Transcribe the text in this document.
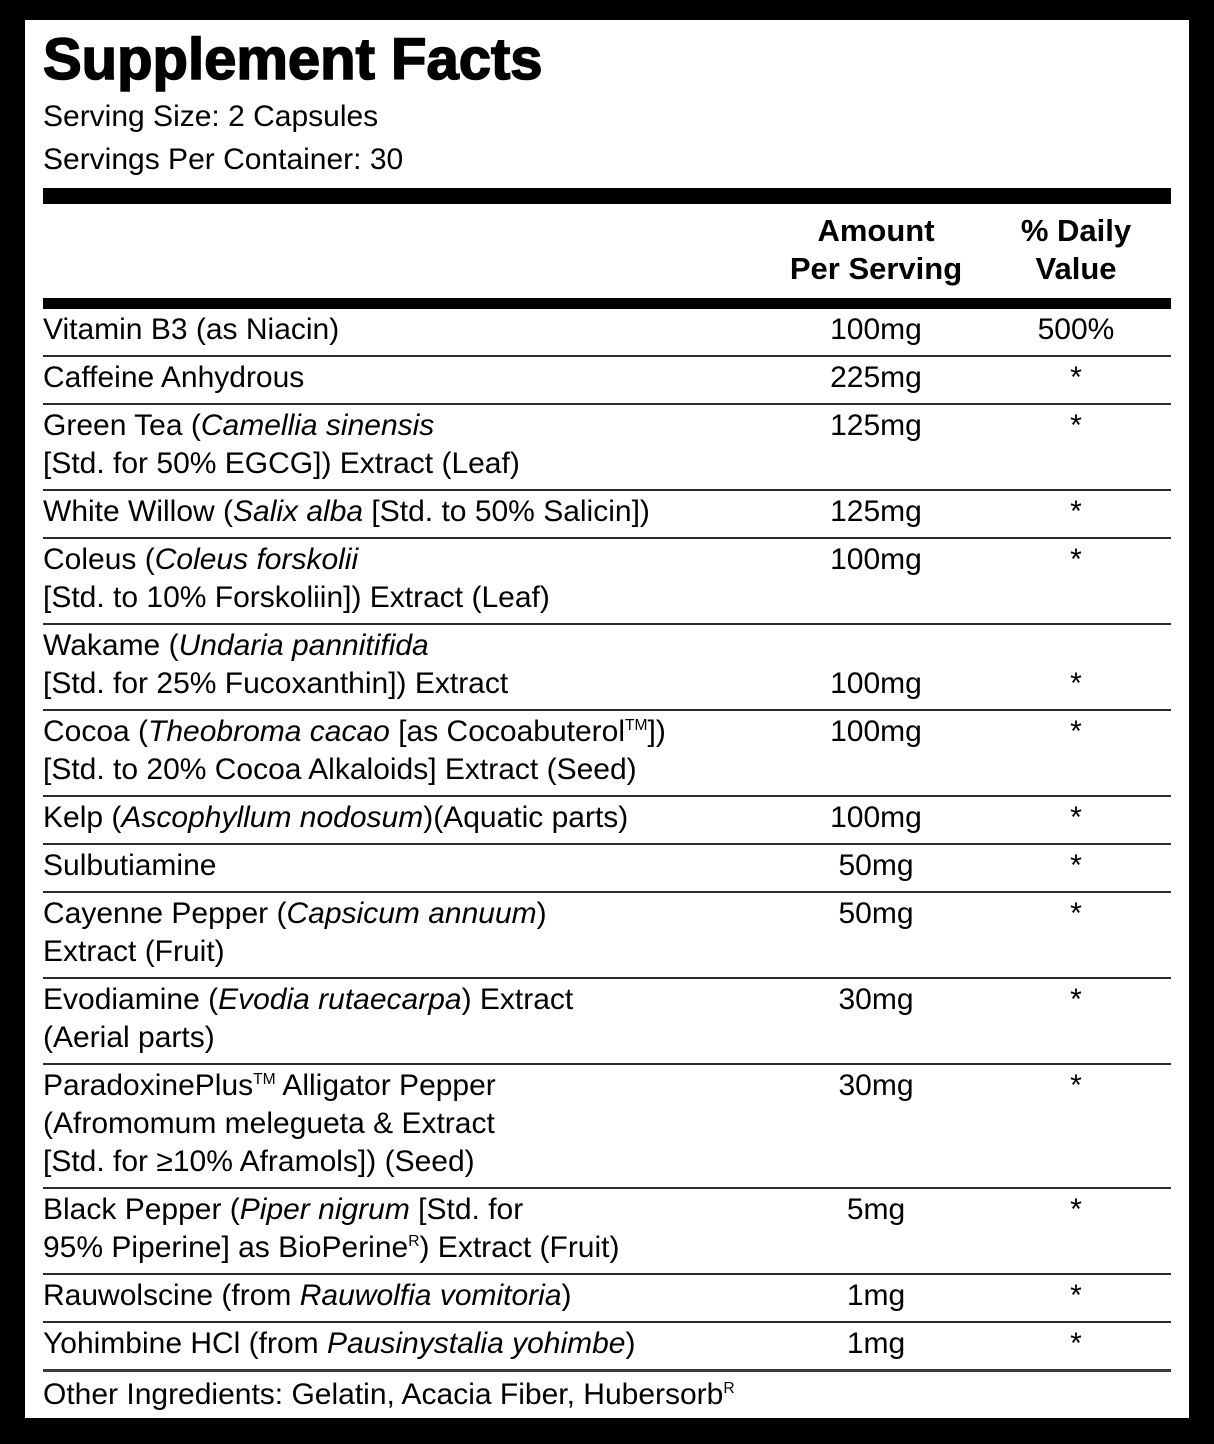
Supplement Facts
Serving Size: 2 Capsules
Servings Per Container: 30
Amount
Per Serving
% Daily
Value
Vitamin B3 (as Niacin)	100mg	500%
Caffeine Anhydrous	225mg	*
Green Tea (Camellia sinensis	125mg	*
[Std. for 50% EGCG]) Extract (Leaf)
White Willow (Salix alba [Std. to 50% Salicin])	125mg	*
Coleus (Coleus forskolii	100mg	*
[Std. to 10% Forskoliin]) Extract (Leaf)
Wakame (Undaria pannitifida
[Std. for 25% Fucoxanthin]) Extract	100mg	*
Cocoa (Theobroma cacao [as Cocoabuterol™])	100mg	*
[Std. to 20% Cocoa Alkaloids] Extract (Seed)
Kelp (Ascophyllum nodosum)(Aquatic parts)	100mg	*
Sulbutiamine	50mg	*
Cayenne Pepper (Capsicum annuum)	50mg	*
Extract (Fruit)
Evodiamine (Evodia rutaecarpa) Extract	30mg	*
(Aerial parts)
ParadoxinePlus™ Alligator Pepper	30mg	*
(Afromomum melegueta & Extract
[Std. for ≥10% Aframols]) (Seed)
Black Pepper (Piper nigrum [Std. for	5mg	*
95% Piperine] as BioPerine$^R$) Extract (Fruit)
Rauwolscine (from Rauwolfia vomitoria)	1mg	*
Yohimbine HCl (from Pausinystalia yohimbe)	1mg	*
Other Ingredients: Gelatin, Acacia Fiber, Hubersorb$^R$
